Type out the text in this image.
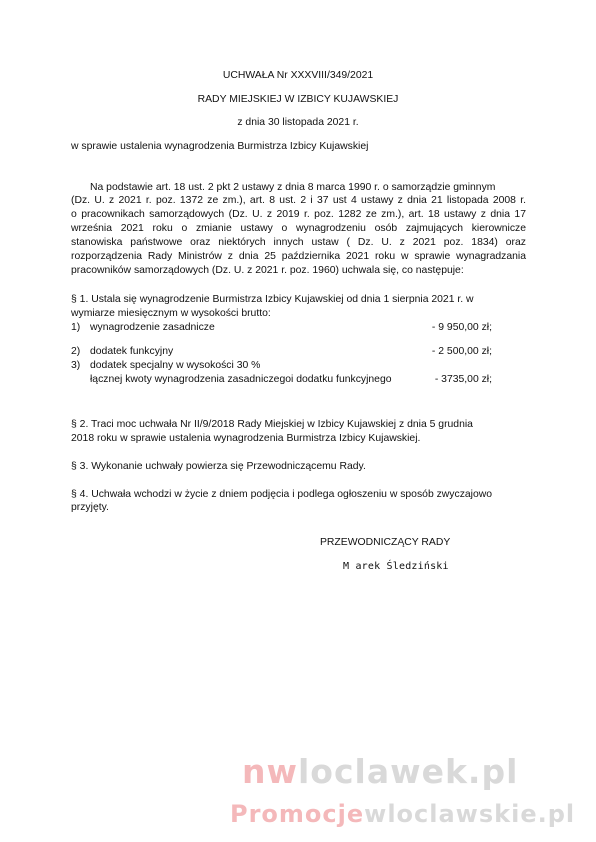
UCHWAŁA Nr XXXVIII/349/2021
RADY MIEJSKIEJ W IZBICY KUJAWSKIEJ
z dnia 30 listopada 2021 r.
w sprawie ustalenia wynagrodzenia Burmistrza Izbicy Kujawskiej
Na podstawie art. 18 ust. 2 pkt 2 ustawy z dnia 8 marca 1990 r. o samorządzie gminnym
(Dz. U. z 2021 r. poz. 1372 ze zm.), art. 8 ust. 2 i 37 ust 4 ustawy z dnia 21 listopada 2008 r.
o pracownikach samorządowych (Dz. U. z 2019 r. poz. 1282 ze zm.), art. 18 ustawy z dnia 17
września 2021 roku o zmianie ustawy o wynagrodzeniu osób zajmujących kierownicze
stanowiska państwowe oraz niektórych innych ustaw ( Dz. U. z 2021 poz. 1834) oraz
rozporządzenia Rady Ministrów z dnia 25 października 2021 roku w sprawie wynagradzania
pracowników samorządowych (Dz. U. z 2021 r. poz. 1960) uchwala się, co następuje:
§ 1. Ustala się wynagrodzenie Burmistrza Izbicy Kujawskiej od dnia 1 sierpnia 2021 r. w
wymiarze miesięcznym w wysokości brutto:
1) wynagrodzenie zasadnicze	- 9 950,00 zł;
2) dodatek funkcyjny	- 2 500,00 zł;
3) dodatek specjalny w wysokości 30 %
łącznej kwoty wynagrodzenia zasadniczegoi dodatku funkcyjnego	- 3735,00 zł;
§ 2. Traci moc uchwała Nr II/9/2018 Rady Miejskiej w Izbicy Kujawskiej z dnia 5 grudnia
2018 roku w sprawie ustalenia wynagrodzenia Burmistrza Izbicy Kujawskiej.
§ 3. Wykonanie uchwały powierza się Przewodniczącemu Rady.
§ 4. Uchwała wchodzi w życie z dniem podjęcia i podlega ogłoszeniu w sposób zwyczajowo
przyjęty.
PRZEWODNICZĄCY RADY
M arek Śledziński
nwloclawek.pl
Promocjewloclawskie.pl
